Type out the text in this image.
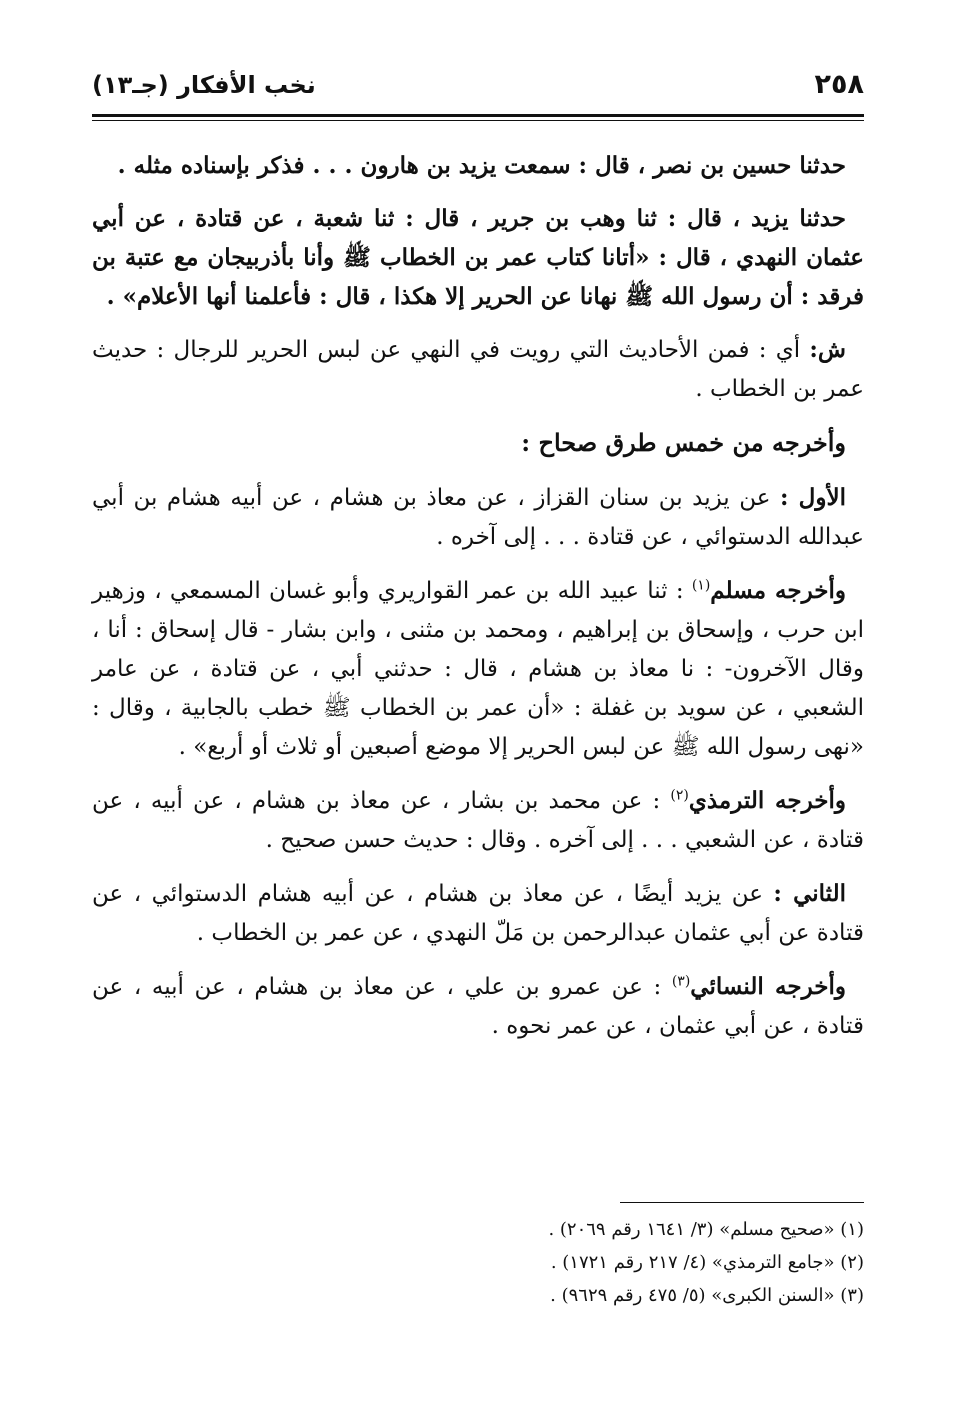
٢٥٨
نخب الأفكار (جـ١٣)

حدثنا حسين بن نصر ، قال : سمعت يزيد بن هارون . . . فذكر بإسناده مثله .

حدثنا يزيد ، قال : ثنا وهب بن جرير ، قال : ثنا شعبة ، عن قتادة ، عن أبي عثمان النهدي ، قال : «أتانا كتاب عمر بن الخطاب ﷺ وأنا بأذربيجان مع عتبة بن فرقد : أن رسول الله ﷺ نهانا عن الحرير إلا هكذا ، قال : فأعلمنا أنها الأعلام» .

ش: أي : فمن الأحاديث التي رويت في النهي عن لبس الحرير للرجال : حديث عمر بن الخطاب .

وأخرجه من خمس طرق صحاح :

الأول : عن يزيد بن سنان القزاز ، عن معاذ بن هشام ، عن أبيه هشام بن أبي عبدالله الدستوائي ، عن قتادة . . . إلى آخره .

وأخرجه مسلم$^{(١)}$ : ثنا عبيد الله بن عمر القواريري وأبو غسان المسمعي ، وزهير ابن حرب ، وإسحاق بن إبراهيم ، ومحمد بن مثنى ، وابن بشار - قال إسحاق : أنا ، وقال الآخرون- : نا معاذ بن هشام ، قال : حدثني أبي ، عن قتادة ، عن عامر الشعبي ، عن سويد بن غفلة : «أن عمر بن الخطاب ﷺ خطب بالجابية ، وقال : «نهى رسول الله ﷺ عن لبس الحرير إلا موضع أصبعين أو ثلاث أو أربع» .

وأخرجه الترمذي$^{(٢)}$ : عن محمد بن بشار ، عن معاذ بن هشام ، عن أبيه ، عن قتادة ، عن الشعبي . . . إلى آخره . وقال : حديث حسن صحيح .

الثاني : عن يزيد أيضًا ، عن معاذ بن هشام ، عن أبيه هشام الدستوائي ، عن قتادة عن أبي عثمان عبدالرحمن بن مَلّ النهدي ، عن عمر بن الخطاب .

وأخرجه النسائي$^{(٣)}$ : عن عمرو بن علي ، عن معاذ بن هشام ، عن أبيه ، عن قتادة ، عن أبي عثمان ، عن عمر نحوه .

(١) «صحيح مسلم» (٣/ ١٦٤١ رقم ٢٠٦٩) .

(٢) «جامع الترمذي» (٤/ ٢١٧ رقم ١٧٢١) .

(٣) «السنن الكبرى» (٥/ ٤٧٥ رقم ٩٦٢٩) .
